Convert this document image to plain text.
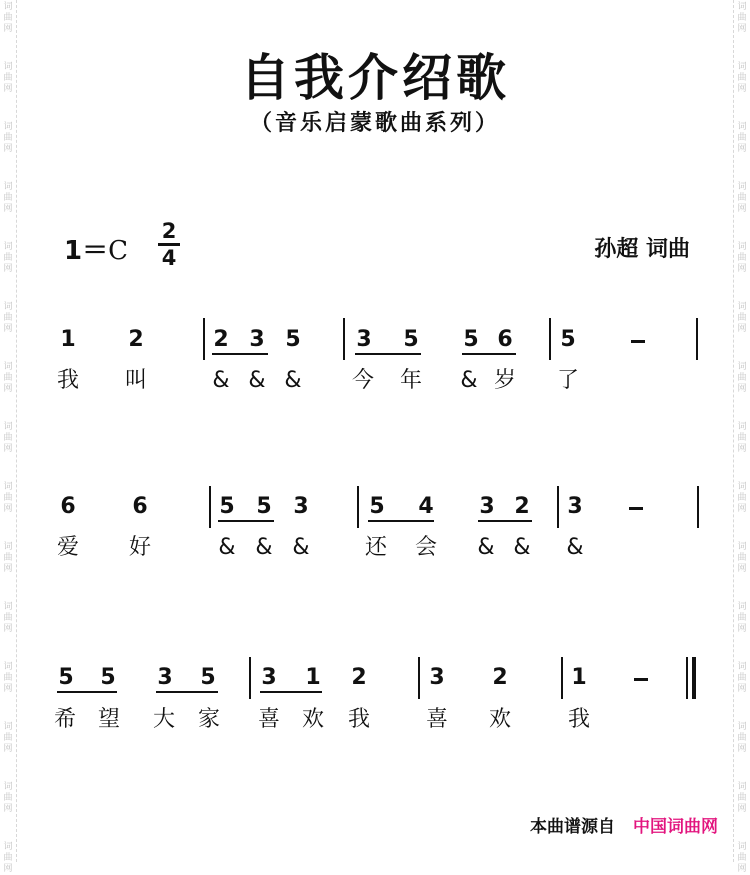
词
曲
网
词
曲
网
词
曲
网
词
曲
网
词
曲
网
词
曲
网
词
曲
网
词
曲
网
词
曲
网
词
曲
网
词
曲
网
词
曲
网
词
曲
网
词
曲
网
词
曲
网
词
曲
网
词
曲
网
词
曲
网
词
曲
网
词
曲
网
词
曲
网
词
曲
网
词
曲
网
词
曲
网
词
曲
网
词
曲
网
词
曲
网
词
曲
网
词
曲
网
词
曲
网
自我介绍歌
（音乐启蒙歌曲系列）
1＝C
2
4	孙超 词曲
1 2	2 3 5	3 5 5 6 5
我 叫	& & & 今 年 & 岁 了
6	6	5 5 3	5 4 3 2 3
爱 好	& & &	还 会 & & &
5 5 3 5 3 1 2	3 2	1
希 望 大 家 喜 欢 我	喜 欢	我
本曲谱源自 中国词曲网
